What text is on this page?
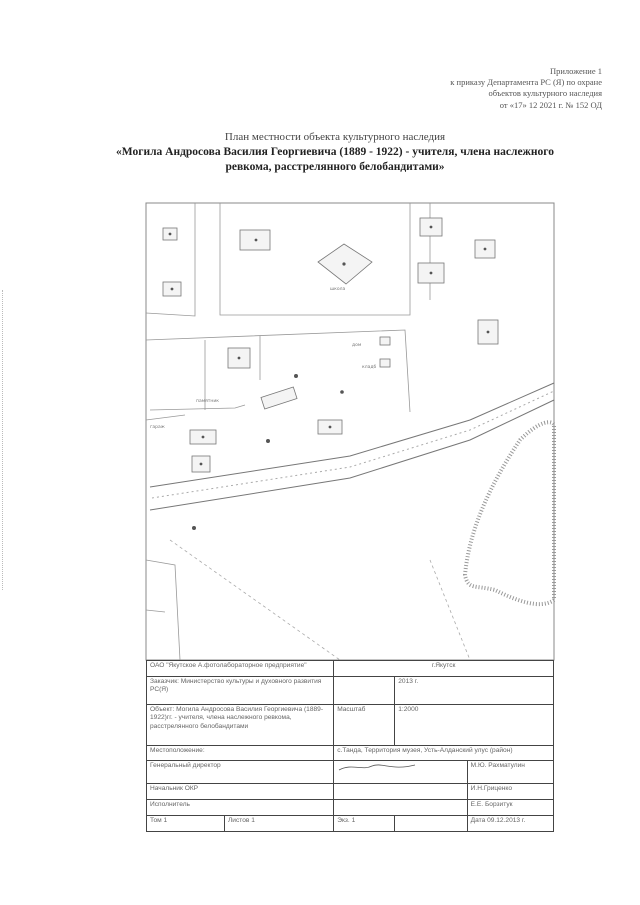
Приложение 1
к приказу Департамента РС (Я) по охране
объектов культурного наследия
от «17» 12 2021 г. № 152 ОД
План местности объекта культурного наследия
«Могила Андросова Василия Георгиевича (1889 - 1922) - учителя, члена наслежного
ревкома, расстрелянного белобандитами»
дом
кладб
школа
памятник
гараж
ОАО "Якутское А.фотолабораторное предприятие"		г.Якутск		
Заказчик: Министерство культуры и духовного развития РС(Я)			2013 г.	
Объект: Могила Андросова Василия Георгиевича (1889-1922)гг. - учителя, члена наслежного ревкома, расстрелянного белобандитами		Масштаб	1:2000	
Местоположение:		с.Танда, Территория музея, Усть-Алданский улус (район)		
Генеральный директор				М.Ю. Рахматулин
Начальник ОКР				И.Н.Гриценко
Исполнитель				Е.Е. Борзитук
Том 1	Листов 1	Экз. 1		Дата 09.12.2013 г.
